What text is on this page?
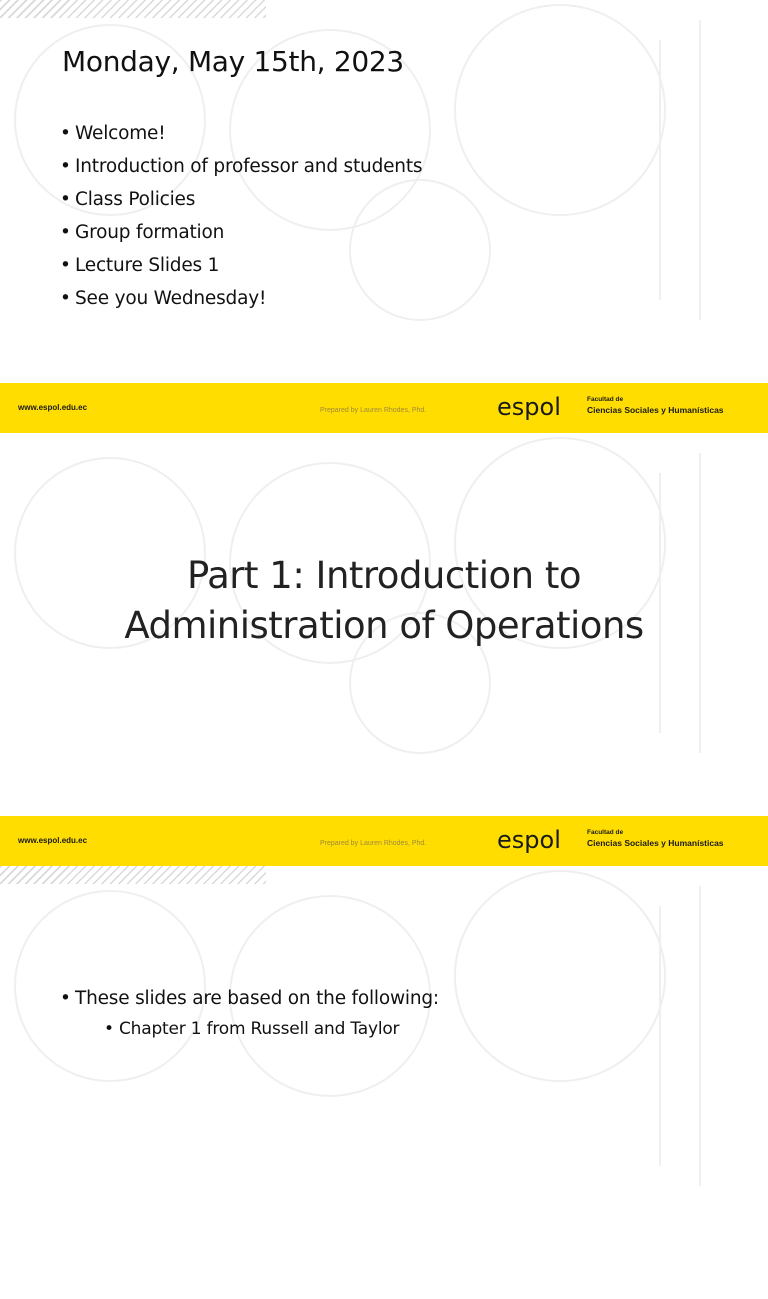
Monday, May 15th, 2023
• Welcome!
• Introduction of professor and students
• Class Policies
• Group formation
• Lecture Slides 1
• See you Wednesday!
www.espol.edu.ec	Prepared by Lauren Rhodes, Phd.	espol	Facultad de
Ciencias Sociales y Humanísticas
Part 1: Introduction to
Administration of Operations
www.espol.edu.ec	Prepared by Lauren Rhodes, Phd.	espol	Facultad de
Ciencias Sociales y Humanísticas
• These slides are based on the following:
• Chapter 1 from Russell and Taylor
